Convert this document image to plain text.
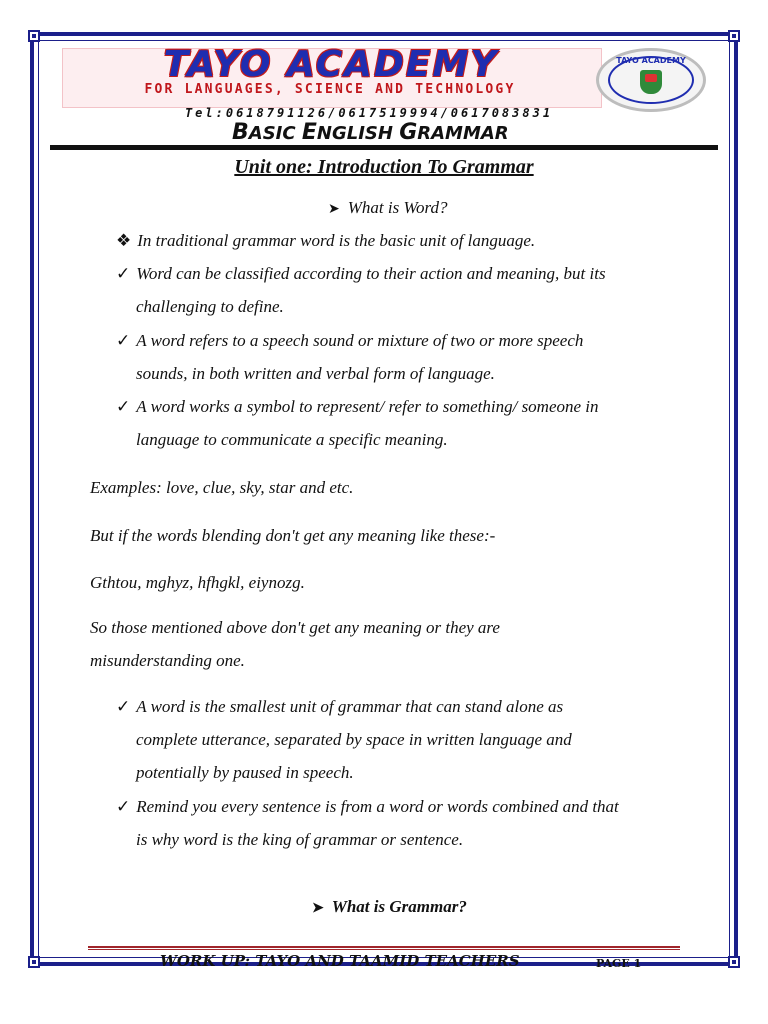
TAYO ACADEMY
FOR LANGUAGES, SCIENCE AND TECHNOLOGY
TAYO ACADEMY
Tel:0618791126/0617519994/0617083831
BASIC ENGLISH GRAMMAR
Unit one: Introduction To Grammar
➤ What is Word?
❖ In traditional grammar word is the basic unit of language.
✓ Word can be classified according to their action and meaning, but its
challenging to define.
✓ A word refers to a speech sound or mixture of two or more speech
sounds, in both written and verbal form of language.
✓ A word works a symbol to represent/ refer to something/ someone in
language to communicate a specific meaning.
Examples: love, clue, sky, star and etc.
But if the words blending don't get any meaning like these:-
Gthtou, mghyz, hfhgkl, eiynozg.
So those mentioned above don't get any meaning or they are
misunderstanding one.
✓ A word is the smallest unit of grammar that can stand alone as
complete utterance, separated by space in written language and
potentially by paused in speech.
✓ Remind you every sentence is from a word or words combined and that
is why word is the king of grammar or sentence.
➤ What is Grammar?
WORK UP: TAYO AND TAAMID TEACHERS	PAGE 1
